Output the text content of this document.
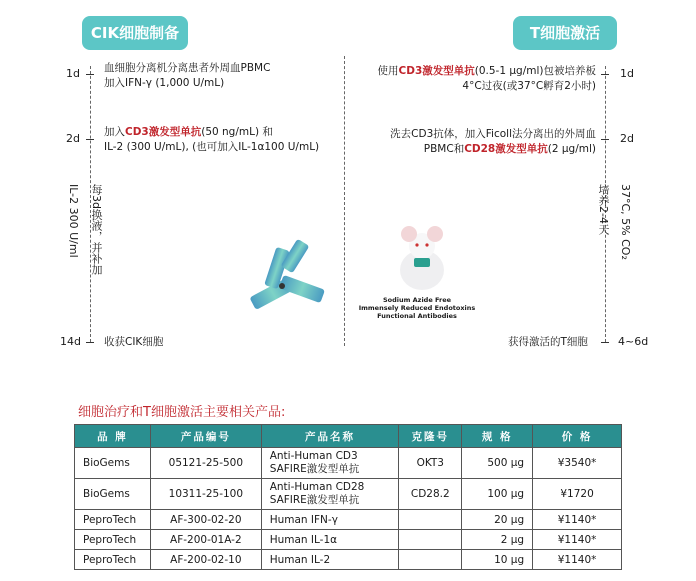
CIK细胞制备	T细胞激活
1d
2d
14d
血细胞分离机分离患者外周血PBMC
加入IFN-γ (1,000 U/mL)
加入CD3激发型单抗(50 ng/mL) 和
IL-2 (300 U/mL), (也可加入IL-1α100 U/mL)
IL-2 300 U/ml 每3d换液，并补加
收获CIK细胞
1d
2d
4~6d
使用CD3激发型单抗(0.5-1 μg/ml)包被培养板
4°C过夜(或37°C孵育2小时)
洗去CD3抗体，加入Ficoll法分离出的外周血
PBMC和CD28激发型单抗(2 μg/ml)
37°C, 5% CO₂
培养2-4天
获得激活的T细胞
Sodium Azide Free
Immensely Reduced Endotoxins
Functional Antibodies
细胞治疗和T细胞激活主要相关产品:
品 牌	产品编号	产品名称	克隆号	规 格	价 格
BioGems	05121-25-500	Anti-Human CD3
SAFIRE激发型单抗	OKT3	500 μg	¥3540*
BioGems	10311-25-100	Anti-Human CD28
SAFIRE激发型单抗	CD28.2	100 μg	¥1720
PeproTech	AF-300-02-20	Human IFN-γ		20 μg	¥1140*
PeproTech	AF-200-01A-2	Human IL-1α		2 μg	¥1140*
PeproTech	AF-200-02-10	Human IL-2		10 μg	¥1140*
